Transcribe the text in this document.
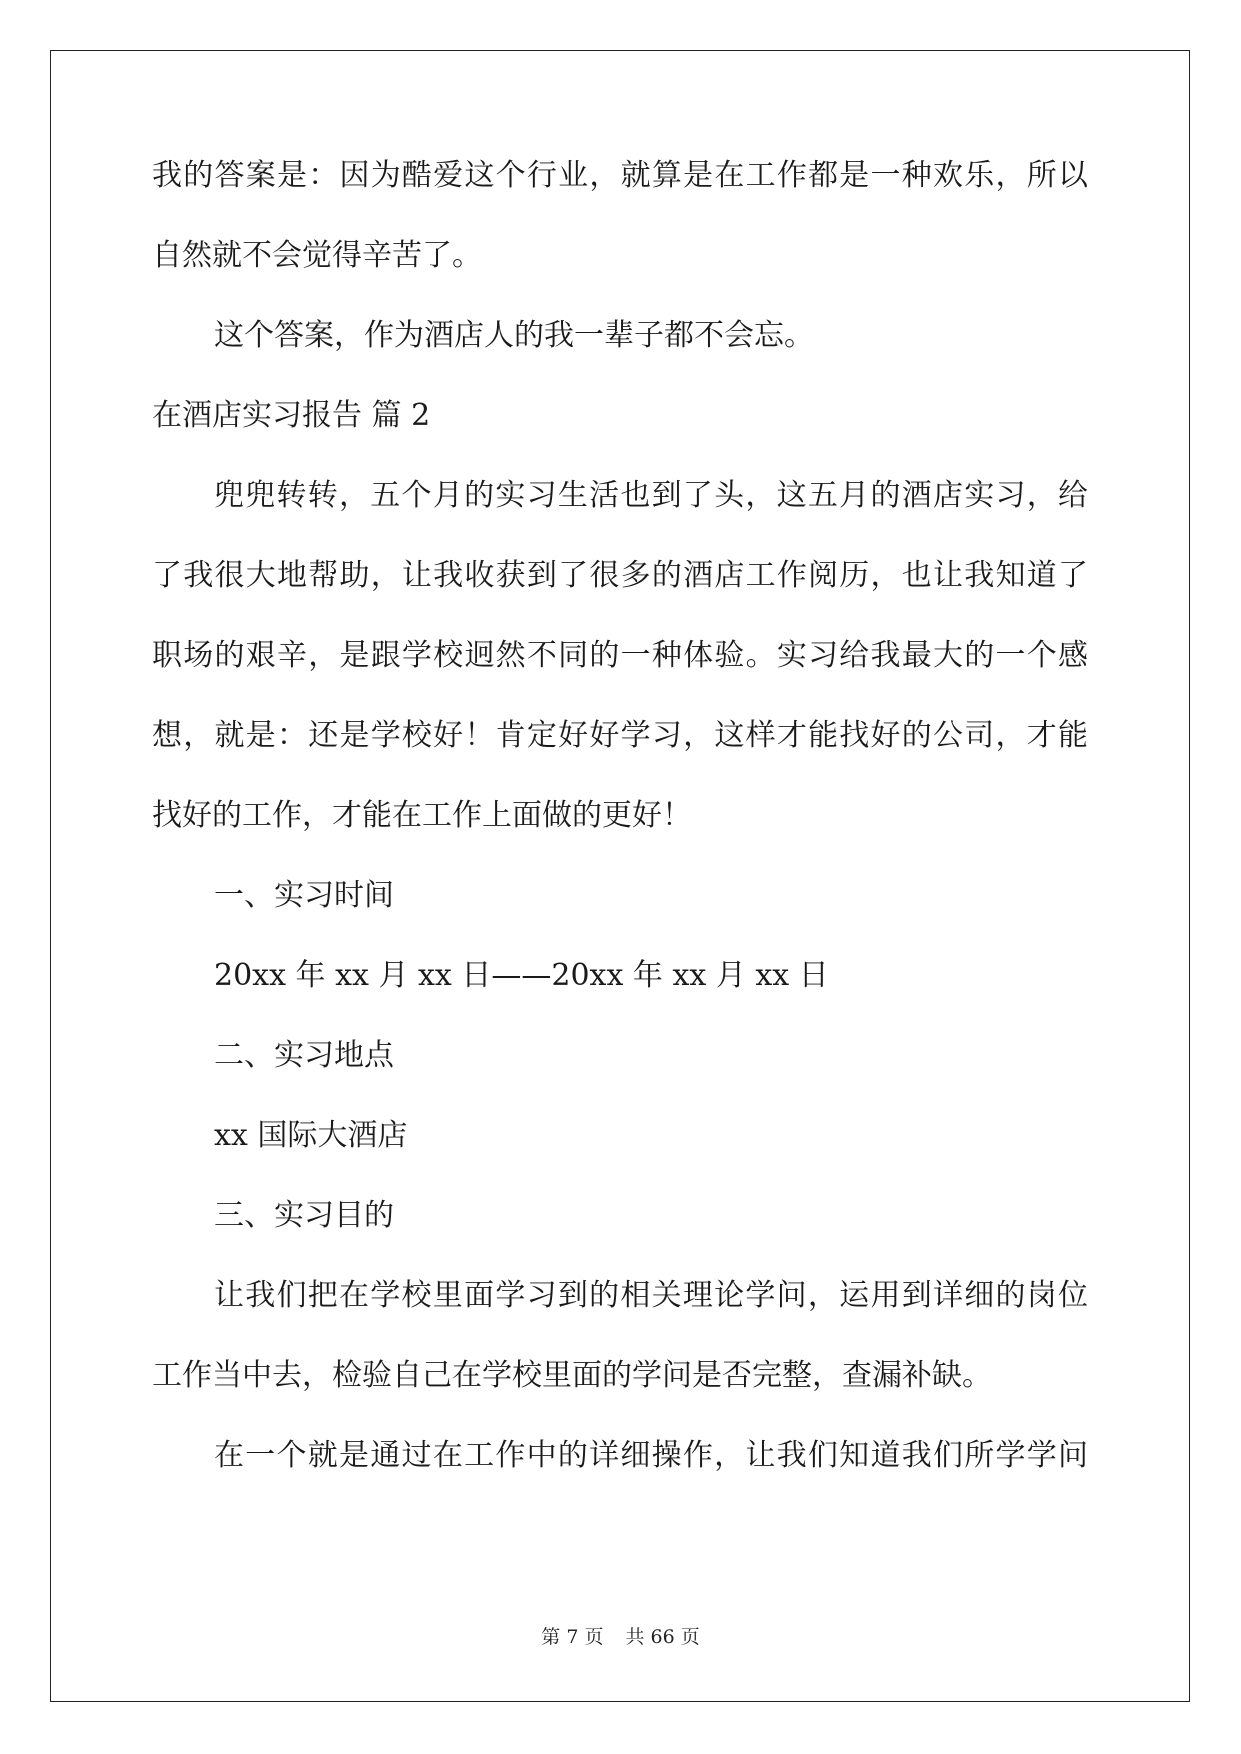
我的答案是：因为酷爱这个行业，就算是在工作都是一种欢乐，所以
自然就不会觉得辛苦了。
这个答案，作为酒店人的我一辈子都不会忘。
在酒店实习报告 篇 2
兜兜转转，五个月的实习生活也到了头，这五月的酒店实习，给
了我很大地帮助，让我收获到了很多的酒店工作阅历，也让我知道了
职场的艰辛，是跟学校迥然不同的一种体验。实习给我最大的一个感
想，就是：还是学校好！肯定好好学习，这样才能找好的公司，才能
找好的工作，才能在工作上面做的更好！
一、实习时间
20xx 年 xx 月 xx 日——20xx 年 xx 月 xx 日
二、实习地点
xx 国际大酒店
三、实习目的
让我们把在学校里面学习到的相关理论学问，运用到详细的岗位
工作当中去，检验自己在学校里面的学问是否完整，查漏补缺。
在一个就是通过在工作中的详细操作，让我们知道我们所学学问
第 7 页 共 66 页
